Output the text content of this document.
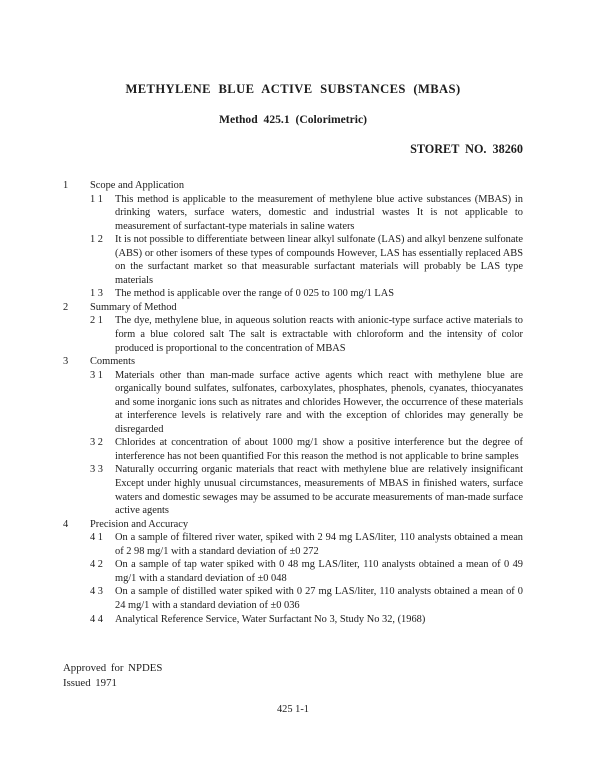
METHYLENE BLUE ACTIVE SUBSTANCES (MBAS)
Method 425.1 (Colorimetric)
STORET NO. 38260
1	Scope and Application
1 1	This method is applicable to the measurement of methylene blue active substances (MBAS) in drinking waters, surface waters, domestic and industrial wastes It is not applicable to measurement of surfactant-type materials in saline waters
1 2	It is not possible to differentiate between linear alkyl sulfonate (LAS) and alkyl benzene sulfonate (ABS) or other isomers of these types of compounds However, LAS has essentially replaced ABS on the surfactant market so that measurable surfactant materials will probably be LAS type materials
1 3	The method is applicable over the range of 0 025 to 100 mg/1 LAS
2	Summary of Method
2 1	The dye, methylene blue, in aqueous solution reacts with anionic-type surface active materials to form a blue colored salt The salt is extractable with chloroform and the intensity of color produced is proportional to the concentration of MBAS
3	Comments
3 1	Materials other than man-made surface active agents which react with methylene blue are organically bound sulfates, sulfonates, carboxylates, phosphates, phenols, cyanates, thiocyanates and some inorganic ions such as nitrates and chlorides However, the occurrence of these materials at interference levels is relatively rare and with the exception of chlorides may generally be disregarded
3 2	Chlorides at concentration of about 1000 mg/1 show a positive interference but the degree of interference has not been quantified For this reason the method is not applicable to brine samples
3 3	Naturally occurring organic materials that react with methylene blue are relatively insignificant Except under highly unusual circumstances, measurements of MBAS in finished waters, surface waters and domestic sewages may be assumed to be accurate measurements of man-made surface active agents
4	Precision and Accuracy
4 1	On a sample of filtered river water, spiked with 2 94 mg LAS/liter, 110 analysts obtained a mean of 2 98 mg/1 with a standard deviation of ±0 272
4 2	On a sample of tap water spiked with 0 48 mg LAS/liter, 110 analysts obtained a mean of 0 49 mg/1 with a standard deviation of ±0 048
4 3	On a sample of distilled water spiked with 0 27 mg LAS/liter, 110 analysts obtained a mean of 0 24 mg/1 with a standard deviation of ±0 036
4 4	Analytical Reference Service, Water Surfactant No 3, Study No 32, (1968)
Approved for NPDES
Issued 1971
425 1-1
